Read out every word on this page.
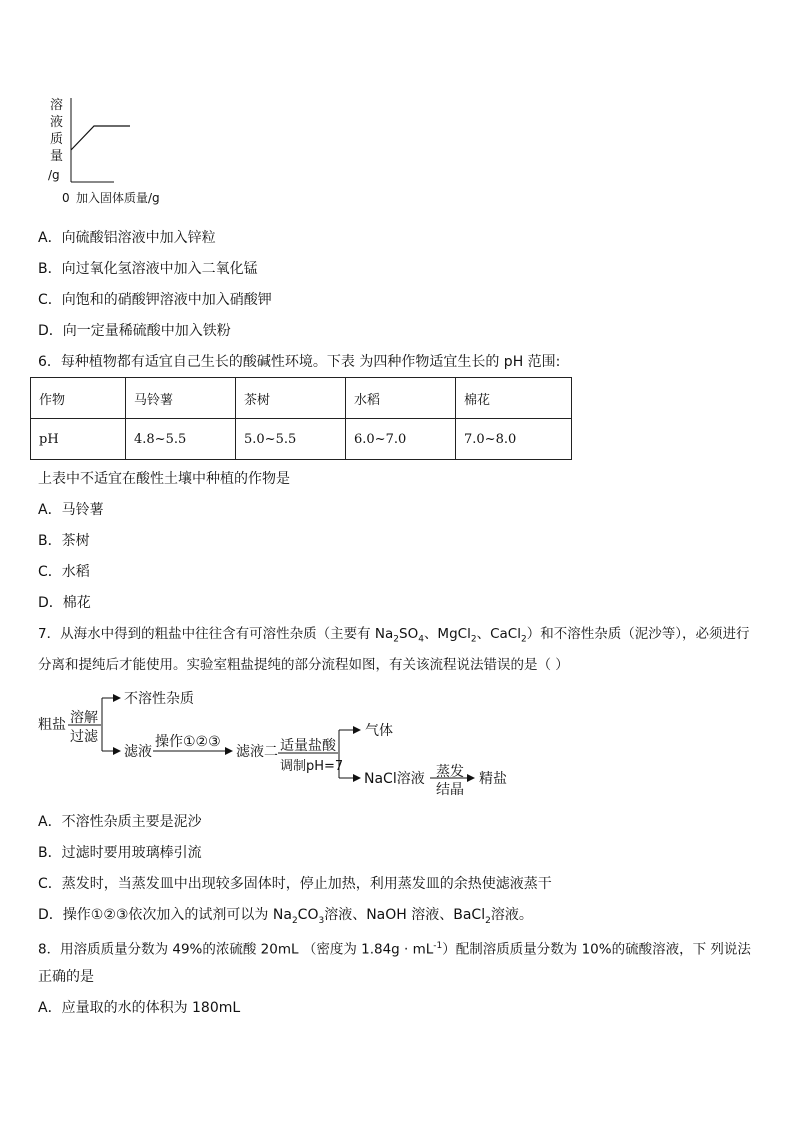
溶
液
质
量
/g
0 加入固体质量/g
A．向硫酸铝溶液中加入锌粒
B．向过氧化氢溶液中加入二氧化锰
C．向饱和的硝酸钾溶液中加入硝酸钾
D．向一定量稀硫酸中加入铁粉
6．每种植物都有适宜自己生长的酸碱性环境。下表 为四种作物适宜生长的 pH 范围:
作物	马铃薯	茶树	水稻	棉花
pH	4.8~5.5	5.0~5.5	6.0~7.0	7.0~8.0
上表中不适宜在酸性土壤中种植的作物是
A．马铃薯
B．茶树
C．水稻
D．棉花
7．从海水中得到的粗盐中往往含有可溶性杂质（主要有 $Na_2SO_4$、MgCl$_2$、CaCl$_2$）和不溶性杂质（泥沙等），必须进行
分离和提纯后才能使用。实验室粗盐提纯的部分流程如图，有关该流程说法错误的是（ ）
粗盐 溶解
过滤
不溶性杂质
滤液
操作①②③
滤液二 适量盐酸
调制pH=7
气体
NaCl溶液 蒸发
结晶
精盐
A．不溶性杂质主要是泥沙
B．过滤时要用玻璃棒引流
C．蒸发时，当蒸发皿中出现较多固体时，停止加热，利用蒸发皿的余热使滤液蒸干
D．操作①②③依次加入的试剂可以为 $Na_2CO_3$溶液、NaOH 溶液、BaCl$_2$溶液。
8．用溶质质量分数为 49%的浓硫酸 20mL （密度为 $1.84g \cdot mL^{-1}$）配制溶质质量分数为 10%的硫酸溶液，下 列说法
正确的是
A．应量取的水的体积为 180mL
